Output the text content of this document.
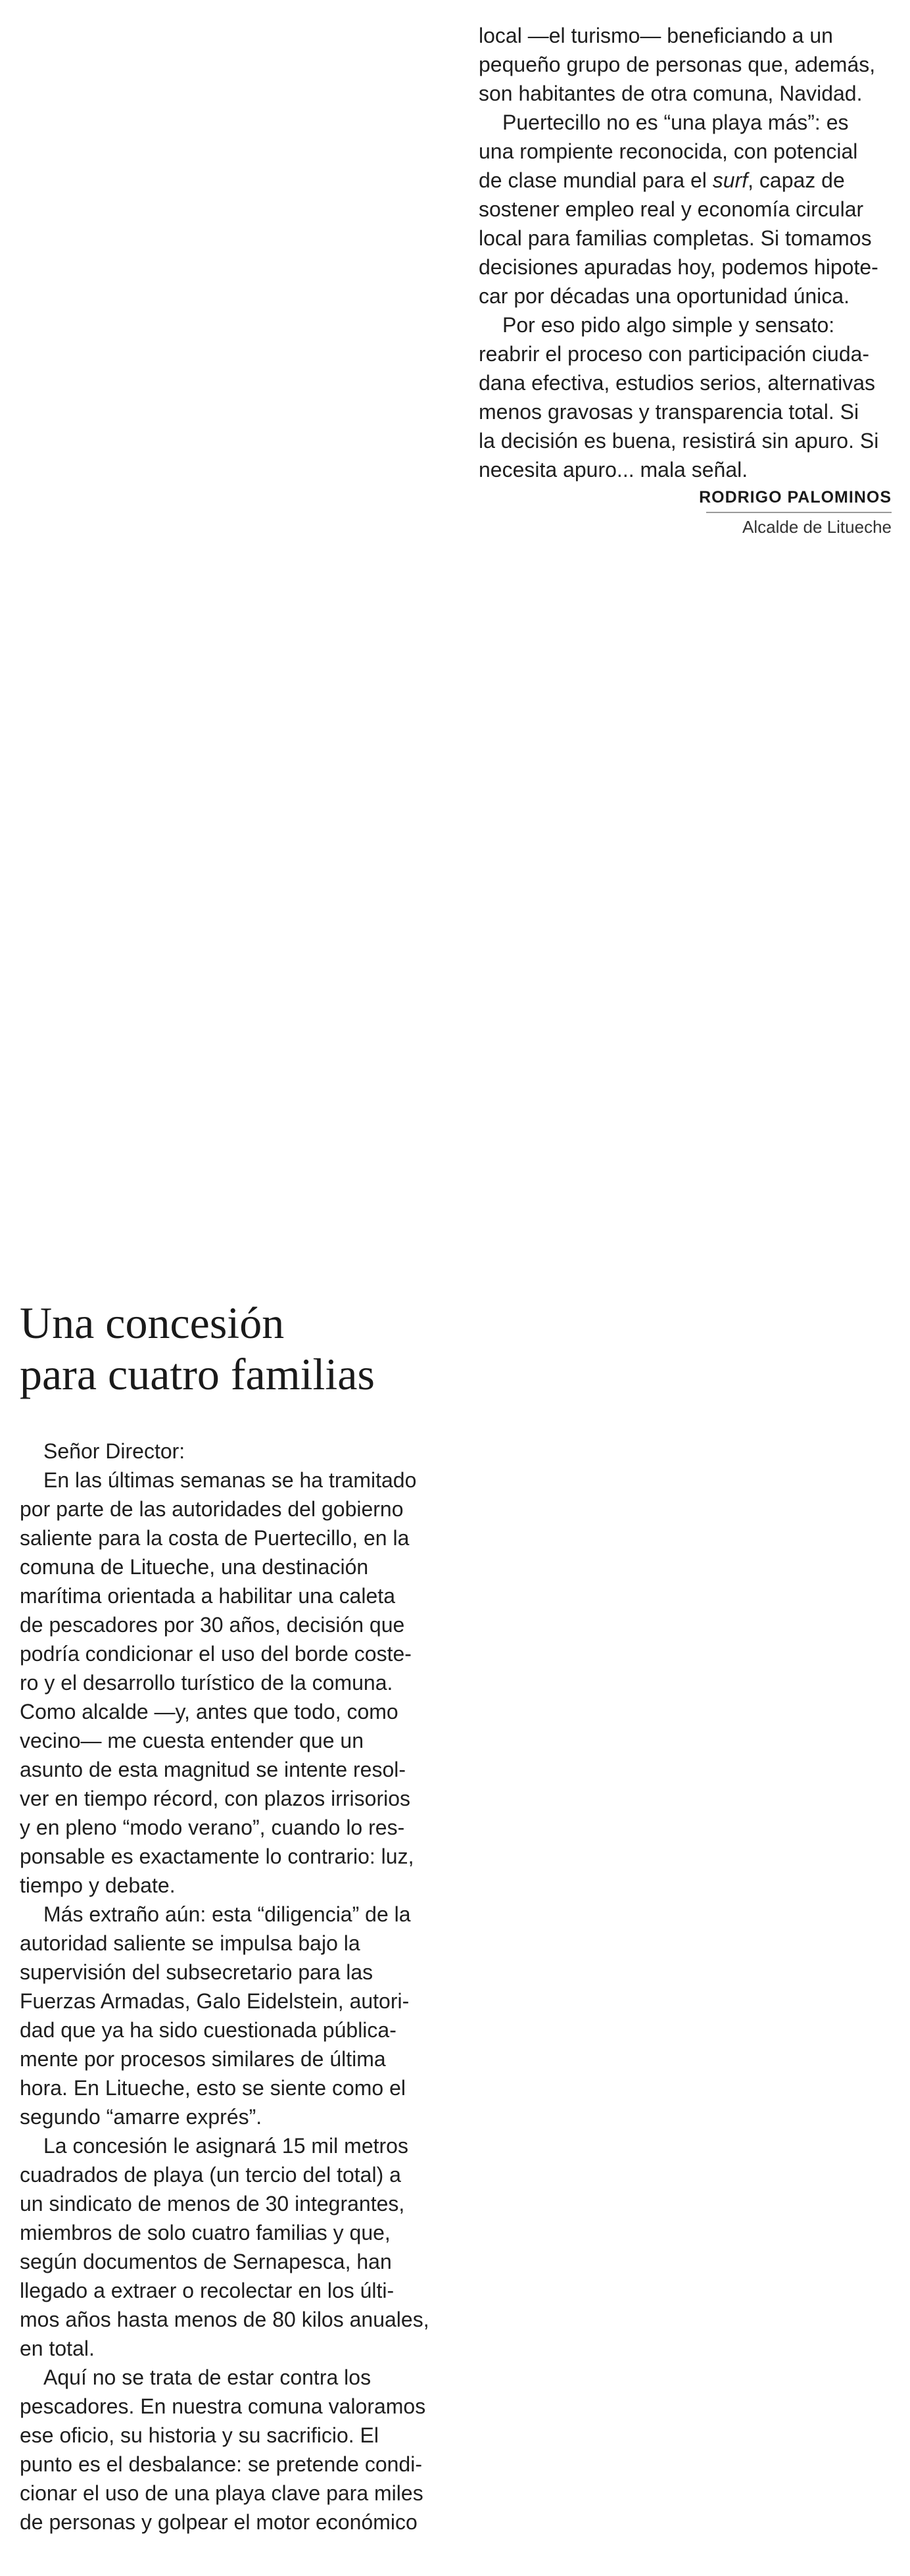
local —el turismo— beneficiando a un
pequeño grupo de personas que, además,
son habitantes de otra comuna, Navidad.
Puertecillo no es “una playa más”: es
una rompiente reconocida, con potencial
de clase mundial para el surf, capaz de
sostener empleo real y economía circular
local para familias completas. Si tomamos
decisiones apuradas hoy, podemos hipote-
car por décadas una oportunidad única.
Por eso pido algo simple y sensato:
reabrir el proceso con participación ciuda-
dana efectiva, estudios serios, alternativas
menos gravosas y transparencia total. Si
la decisión es buena, resistirá sin apuro. Si
necesita apuro... mala señal.
RODRIGO PALOMINOS
Alcalde de Litueche
Una concesión
para cuatro familias
Señor Director:
En las últimas semanas se ha tramitado
por parte de las autoridades del gobierno
saliente para la costa de Puertecillo, en la
comuna de Litueche, una destinación
marítima orientada a habilitar una caleta
de pescadores por 30 años, decisión que
podría condicionar el uso del borde coste-
ro y el desarrollo turístico de la comuna.
Como alcalde —y, antes que todo, como
vecino— me cuesta entender que un
asunto de esta magnitud se intente resol-
ver en tiempo récord, con plazos irrisorios
y en pleno “modo verano”, cuando lo res-
ponsable es exactamente lo contrario: luz,
tiempo y debate.
Más extraño aún: esta “diligencia” de la
autoridad saliente se impulsa bajo la
supervisión del subsecretario para las
Fuerzas Armadas, Galo Eidelstein, autori-
dad que ya ha sido cuestionada pública-
mente por procesos similares de última
hora. En Litueche, esto se siente como el
segundo “amarre exprés”.
La concesión le asignará 15 mil metros
cuadrados de playa (un tercio del total) a
un sindicato de menos de 30 integrantes,
miembros de solo cuatro familias y que,
según documentos de Sernapesca, han
llegado a extraer o recolectar en los últi-
mos años hasta menos de 80 kilos anuales,
en total.
Aquí no se trata de estar contra los
pescadores. En nuestra comuna valoramos
ese oficio, su historia y su sacrificio. El
punto es el desbalance: se pretende condi-
cionar el uso de una playa clave para miles
de personas y golpear el motor económico
